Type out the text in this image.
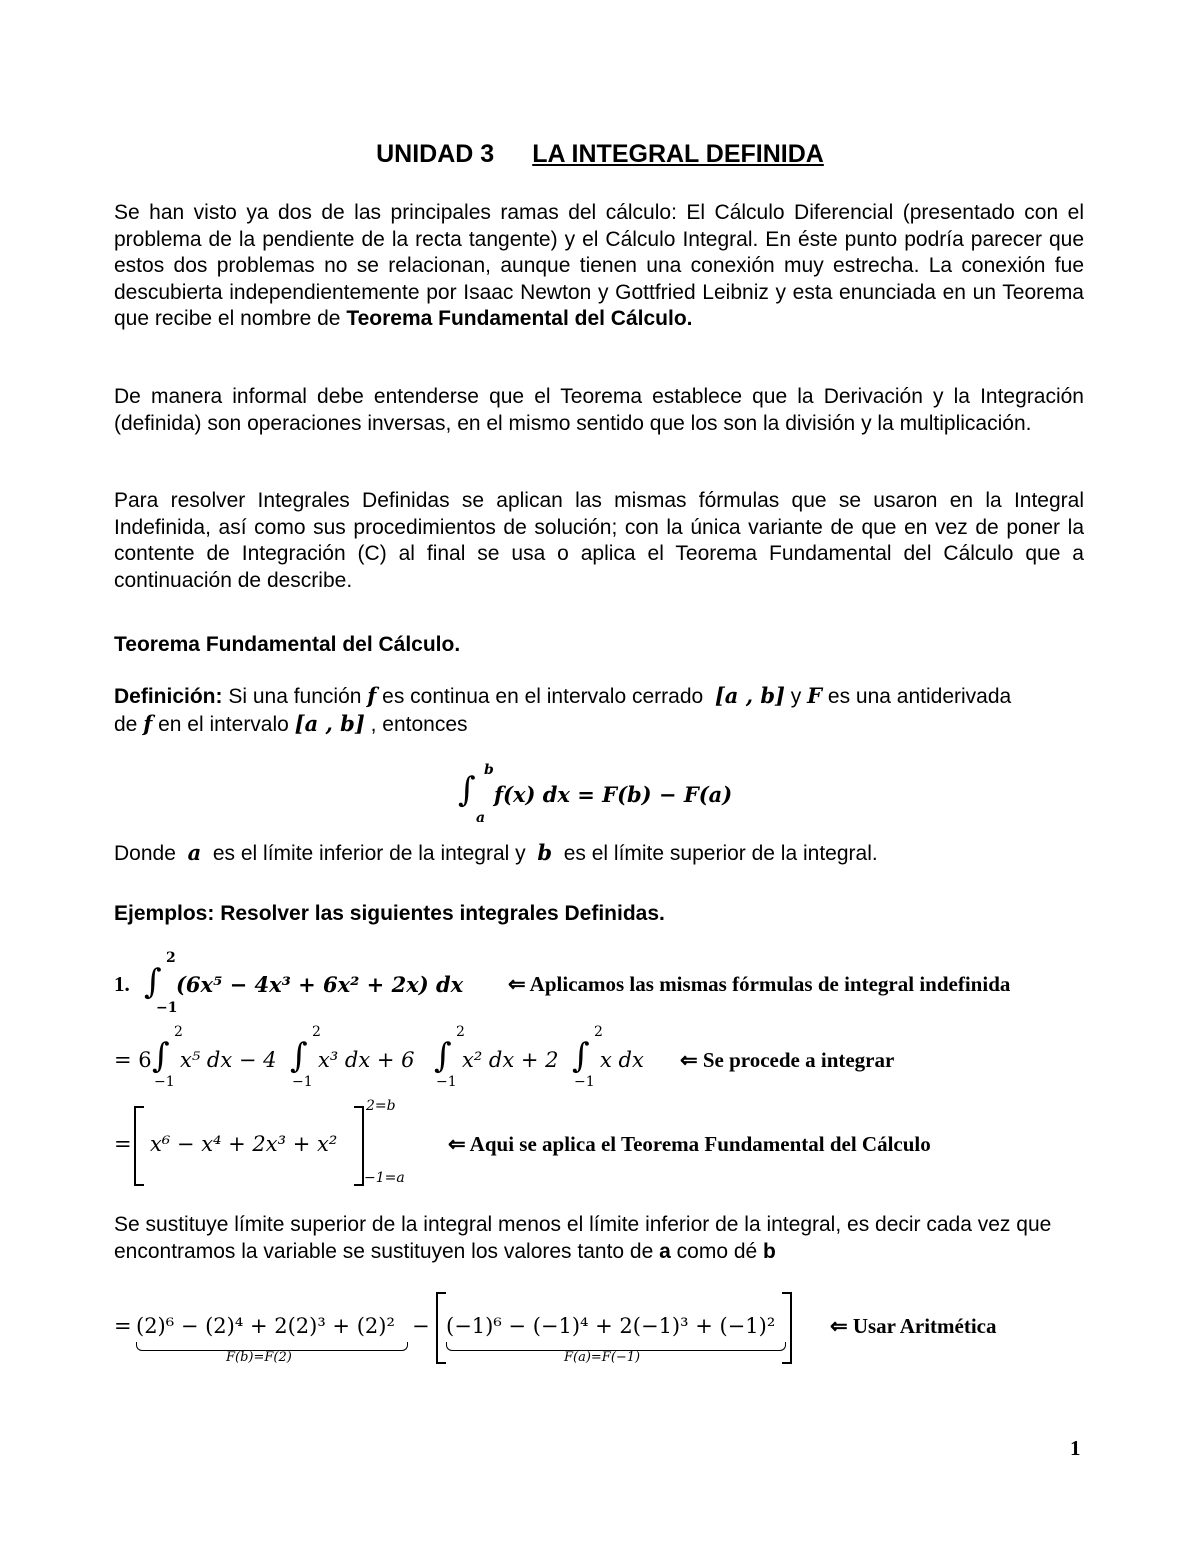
UNIDAD 3 LA INTEGRAL DEFINIDA
Se han visto ya dos de las principales ramas del cálculo: El Cálculo Diferencial (presentado con el problema de la pendiente de la recta tangente) y el Cálculo Integral. En éste punto podría parecer que estos dos problemas no se relacionan, aunque tienen una conexión muy estrecha. La conexión fue descubierta independientemente por Isaac Newton y Gottfried Leibniz y esta enunciada en un Teorema que recibe el nombre de Teorema Fundamental del Cálculo.
De manera informal debe entenderse que el Teorema establece que la Derivación y la Integración (definida) son operaciones inversas, en el mismo sentido que los son la división y la multiplicación.
Para resolver Integrales Definidas se aplican las mismas fórmulas que se usaron en la Integral Indefinida, así como sus procedimientos de solución; con la única variante de que en vez de poner la contente de Integración (C) al final se usa o aplica el Teorema Fundamental del Cálculo que a continuación de describe.
Teorema Fundamental del Cálculo.
Definición: Si una función f es continua en el intervalo cerrado  [a , b] y F es una antiderivada
de f en el intervalo [a , b] , entonces
∫ b
a
f(x) dx = F(b) − F(a)
Donde  a  es el límite inferior de la integral y  b  es el límite superior de la integral.
Ejemplos: Resolver las siguientes integrales Definidas.
1. ∫
2
−1
(6x⁵ − 4x³ + 6x² + 2x) dx ⇐ Aplicamos las mismas fórmulas de integral indefinida
= 6 ∫
2
−1
x⁵ dx − 4 ∫
2
−1
x³ dx + 6 ∫
2
−1
x² dx + 2 ∫
2
−1
x dx ⇐ Se procede a integrar
= x⁶ − x⁴ + 2x³ + x²
2=b
−1=a
⇐ Aqui se aplica el Teorema Fundamental del Cálculo
Se sustituye límite superior de la integral menos el límite inferior de la integral, es decir cada vez que encontramos la variable se sustituyen los valores tanto de a como dé b
= (2)⁶ − (2)⁴ + 2(2)³ + (2)²
F(b)=F(2)
− (−1)⁶ − (−1)⁴ + 2(−1)³ + (−1)²
F(a)=F(−1)
⇐ Usar Aritmética
1
